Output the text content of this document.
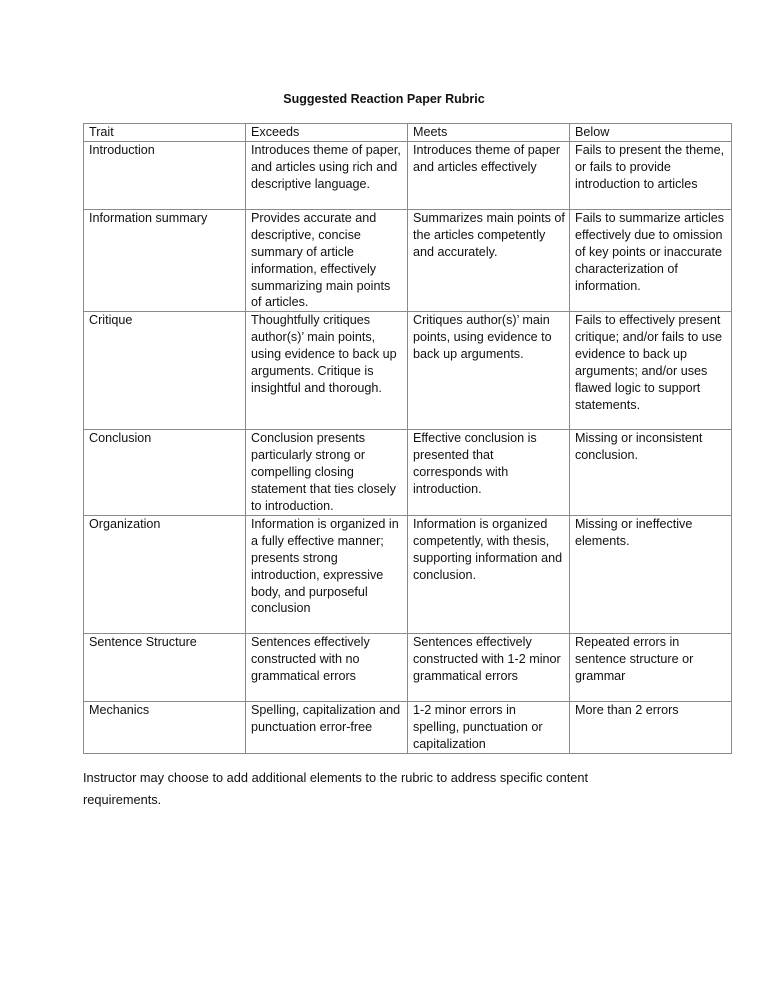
Suggested Reaction Paper Rubric
Trait	Exceeds	Meets	Below
Introduction	Introduces theme of paper, and articles using rich and descriptive language.	Introduces theme of paper and articles effectively	Fails to present the theme, or fails to provide introduction to articles
Information summary	Provides accurate and descriptive, concise summary of article information, effectively summarizing main points of articles.	Summarizes main points of the articles competently and accurately.	Fails to summarize articles effectively due to omission of key points or inaccurate characterization of information.
Critique	Thoughtfully critiques author(s)’ main points, using evidence to back up arguments. Critique is insightful and thorough.	Critiques author(s)’ main points, using evidence to back up arguments.	Fails to effectively present critique; and/or fails to use evidence to back up arguments; and/or uses flawed logic to support statements.
Conclusion	Conclusion presents particularly strong or compelling closing statement that ties closely to introduction.	Effective conclusion is presented that corresponds with introduction.	Missing or inconsistent conclusion.
Organization	Information is organized in a fully effective manner; presents strong introduction, expressive body, and purposeful conclusion	Information is organized competently, with thesis, supporting information and conclusion.	Missing or ineffective elements.
Sentence Structure	Sentences effectively constructed with no grammatical errors	Sentences effectively constructed with 1-2 minor grammatical errors	Repeated errors in sentence structure or grammar
Mechanics	Spelling, capitalization and punctuation error-free	1-2 minor errors in spelling, punctuation or capitalization	More than 2 errors
Instructor may choose to add additional elements to the rubric to address specific content requirements.
